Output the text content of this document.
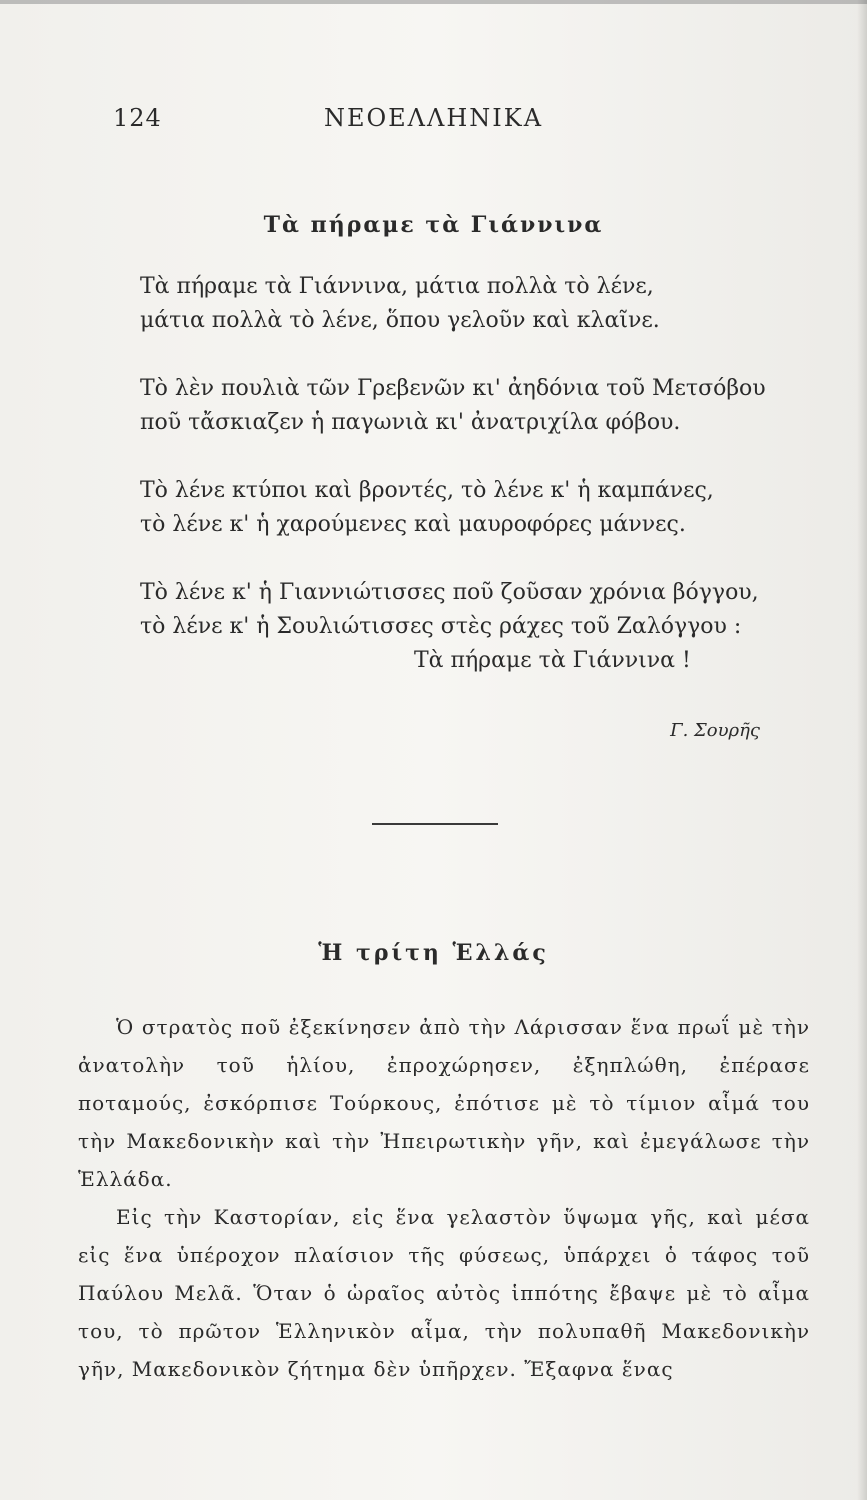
124	ΝΕΟΕΛΛΗΝΙΚΑ
Τὰ πήραμε τὰ Γιάννινα
Τὰ πήραμε τὰ Γιάννινα, μάτια πολλὰ τὸ λένε,
μάτια πολλὰ τὸ λένε, ὅπου γελοῦν καὶ κλαῖνε.
Τὸ λὲν πουλιὰ τῶν Γρεβενῶν κι' ἀηδόνια τοῦ Μετσόβου
ποῦ τἄσκιαζεν ἡ παγωνιὰ κι' ἀνατριχίλα φόβου.
Τὸ λένε κτύποι καὶ βροντές, τὸ λένε κ' ἡ καμπάνες,
τὸ λένε κ' ἡ χαρούμενες καὶ μαυροφόρες μάννες.
Τὸ λένε κ' ἡ Γιαννιώτισσες ποῦ ζοῦσαν χρόνια βόγγου,
τὸ λένε κ' ἡ Σουλιώτισσες στὲς ράχες τοῦ Ζαλόγγου :
Τὰ πήραμε τὰ Γιάννινα !
Γ. Σουρῆς
Ἡ τρίτη Ἑλλάς

Ὁ στρατὸς ποῦ ἐξεκίνησεν ἀπὸ τὴν Λάρισσαν ἕνα πρωΐ μὲ τὴν ἀνατολὴν τοῦ ἡλίου, ἐπροχώρησεν, ἐξηπλώθη, ἐπέρασε ποταμούς, ἐσκόρπισε Τούρκους, ἐπότισε μὲ τὸ τίμιον αἷμά του τὴν Μακεδονικὴν καὶ τὴν Ἠπειρωτικὴν γῆν, καὶ ἐμεγάλωσε τὴν Ἑλλάδα.

Εἰς τὴν Καστορίαν, εἰς ἕνα γελαστὸν ὕψωμα γῆς, καὶ μέσα εἰς ἕνα ὑπέροχον πλαίσιον τῆς φύσεως, ὑπάρχει ὁ τάφος τοῦ Παύλου Μελᾶ. Ὅταν ὁ ὡραῖος αὐτὸς ἱππότης ἔβαψε μὲ τὸ αἷμα του, τὸ πρῶτον Ἑλληνικὸν αἷμα, τὴν πολυπαθῆ Μακεδονικὴν γῆν, Μακεδονικὸν ζήτημα δὲν ὑπῆρχεν. Ἔξαφνα ἕνας
